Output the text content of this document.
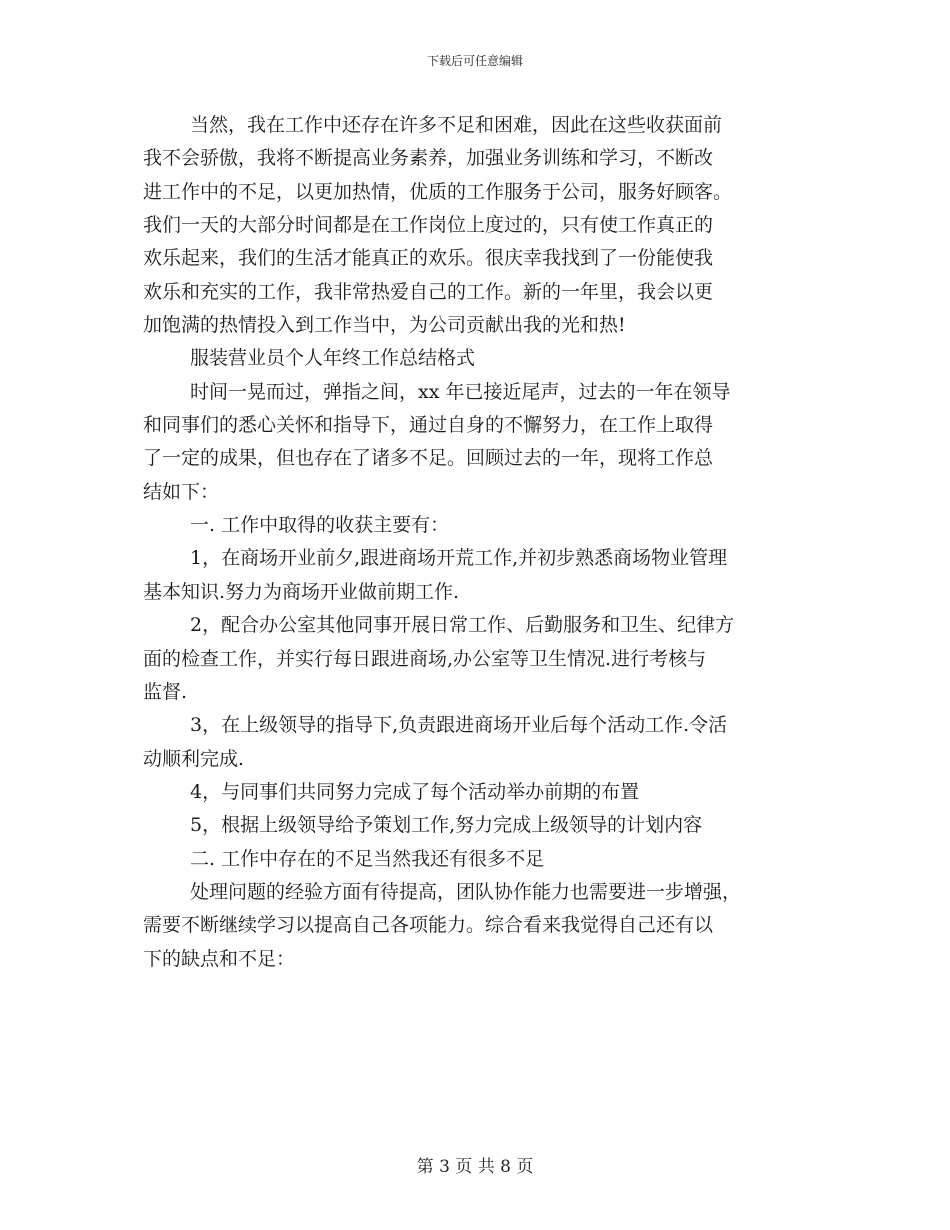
下载后可任意编辑
当然，我在工作中还存在许多不足和困难，因此在这些收获面前
我不会骄傲，我将不断提高业务素养，加强业务训练和学习，不断改
进工作中的不足，以更加热情，优质的工作服务于公司，服务好顾客。
我们一天的大部分时间都是在工作岗位上度过的，只有使工作真正的
欢乐起来，我们的生活才能真正的欢乐。很庆幸我找到了一份能使我
欢乐和充实的工作，我非常热爱自己的工作。新的一年里，我会以更
加饱满的热情投入到工作当中，为公司贡献出我的光和热!
服装营业员个人年终工作总结格式
时间一晃而过，弹指之间，xx 年已接近尾声，过去的一年在领导
和同事们的悉心关怀和指导下，通过自身的不懈努力，在工作上取得
了一定的成果，但也存在了诸多不足。回顾过去的一年，现将工作总
结如下：
一. 工作中取得的收获主要有：
1，在商场开业前夕,跟进商场开荒工作,并初步熟悉商场物业管理
基本知识.努力为商场开业做前期工作.
2，配合办公室其他同事开展日常工作、后勤服务和卫生、纪律方
面的检查工作，并实行每日跟进商场,办公室等卫生情况.进行考核与
监督.
3，在上级领导的指导下,负责跟进商场开业后每个活动工作.令活
动顺利完成.
4，与同事们共同努力完成了每个活动举办前期的布置
5，根据上级领导给予策划工作,努力完成上级领导的计划内容
二. 工作中存在的不足当然我还有很多不足
处理问题的经验方面有待提高，团队协作能力也需要进一步增强，
需要不断继续学习以提高自己各项能力。综合看来我觉得自己还有以
下的缺点和不足：
第 3 页 共 8 页
